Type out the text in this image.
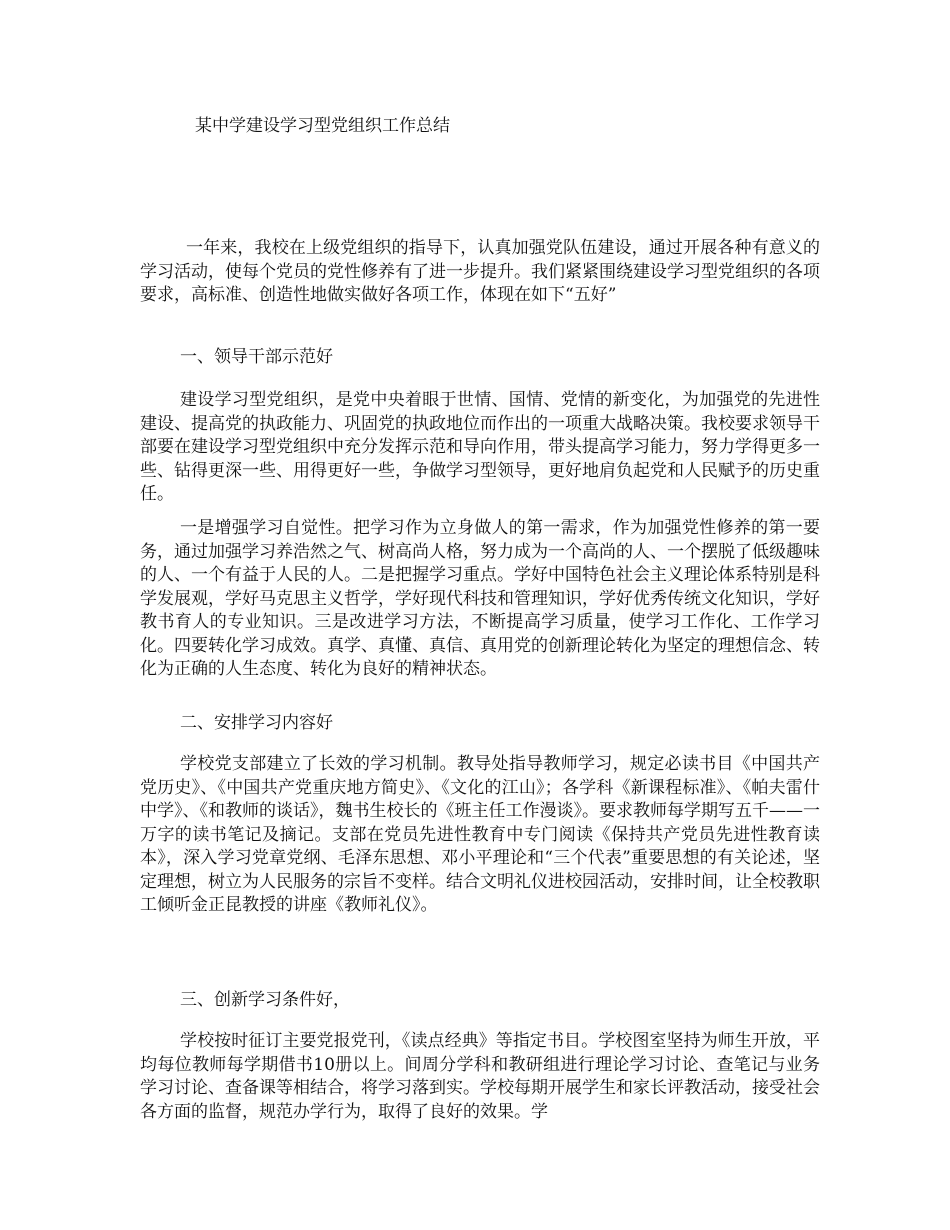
某中学建设学习型党组织工作总结

一年来，我校在上级党组织的指导下，认真加强党队伍建设，通过开展各种有意义的学习活动，使每个党员的党性修养有了进一步提升。我们紧紧围绕建设学习型党组织的各项要求，高标准、创造性地做实做好各项工作，体现在如下“五好”

一、领导干部示范好

建设学习型党组织，是党中央着眼于世情、国情、党情的新变化，为加强党的先进性建设、提高党的执政能力、巩固党的执政地位而作出的一项重大战略决策。我校要求领导干部要在建设学习型党组织中充分发挥示范和导向作用，带头提高学习能力，努力学得更多一些、钻得更深一些、用得更好一些，争做学习型领导，更好地肩负起党和人民赋予的历史重任。

一是增强学习自觉性。把学习作为立身做人的第一需求，作为加强党性修养的第一要务，通过加强学习养浩然之气、树高尚人格，努力成为一个高尚的人、一个摆脱了低级趣味的人、一个有益于人民的人。二是把握学习重点。学好中国特色社会主义理论体系特别是科学发展观，学好马克思主义哲学，学好现代科技和管理知识，学好优秀传统文化知识，学好教书育人的专业知识。三是改进学习方法，不断提高学习质量，使学习工作化、工作学习化。四要转化学习成效。真学、真懂、真信、真用党的创新理论转化为坚定的理想信念、转化为正确的人生态度、转化为良好的精神状态。

二、安排学习内容好

学校党支部建立了长效的学习机制。教导处指导教师学习，规定必读书目《中国共产党历史》、《中国共产党重庆地方简史》、《文化的江山》；各学科《新课程标准》、《帕夫雷什中学》、《和教师的谈话》，魏书生校长的《班主任工作漫谈》。要求教师每学期写五千——一万字的读书笔记及摘记。支部在党员先进性教育中专门阅读《保持共产党员先进性教育读本》，深入学习党章党纲、毛泽东思想、邓小平理论和“三个代表”重要思想的有关论述，坚定理想，树立为人民服务的宗旨不变样。结合文明礼仪进校园活动，安排时间，让全校教职工倾听金正昆教授的讲座《教师礼仪》。

三、创新学习条件好，

学校按时征订主要党报党刊，《读点经典》等指定书目。学校图室坚持为师生开放，平均每位教师每学期借书10册以上。间周分学科和教研组进行理论学习讨论、查笔记与业务学习讨论、查备课等相结合，将学习落到实。学校每期开展学生和家长评教活动，接受社会各方面的监督，规范办学行为，取得了良好的效果。学
